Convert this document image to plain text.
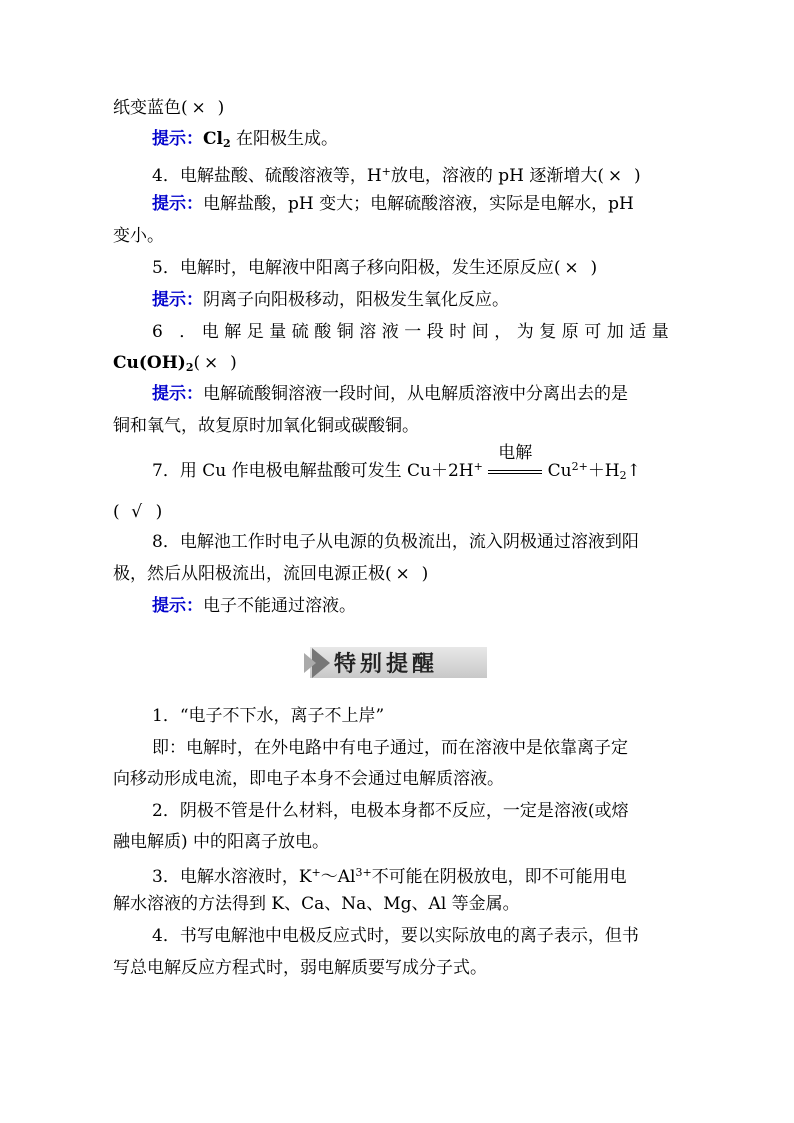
纸变蓝色( × )
提示：$Cl_2$ 在阳极生成。
4．电解盐酸、硫酸溶液等，H+放电，溶液的 pH 逐渐增大( × )
提示：电解盐酸，pH 变大；电解硫酸溶液，实际是电解水，pH
变小。
5．电解时，电解液中阳离子移向阳极，发生还原反应( × )
提示：阴离子向阳极移动，阳极发生氧化反应。
6 ．电解足量硫酸铜溶液一段时间，为复原可加适量
$Cu(OH)_2$( × )
提示：电解硫酸铜溶液一段时间，从电解质溶液中分离出去的是
铜和氧气，故复原时加氧化铜或碳酸铜。
7．用 Cu 作电极电解盐酸可发生 Cu＋2H+
电解
$Cu^{2+}+H_2↑$
( √ )
8．电解池工作时电子从电源的负极流出，流入阴极通过溶液到阳
极，然后从阳极流出，流回电源正极( × )
提示：电子不能通过溶液。
特别提醒
1．“电子不下水，离子不上岸”
即：电解时，在外电路中有电子通过，而在溶液中是依靠离子定
向移动形成电流，即电子本身不会通过电解质溶液。
2．阴极不管是什么材料，电极本身都不反应，一定是溶液(或熔
融电解质) 中的阳离子放电。
3．电解水溶液时，$K^+\sim Al^{3+}$不可能在阴极放电，即不可能用电
解水溶液的方法得到 K、Ca、Na、Mg、Al 等金属。
4．书写电解池中电极反应式时，要以实际放电的离子表示，但书
写总电解反应方程式时，弱电解质要写成分子式。
